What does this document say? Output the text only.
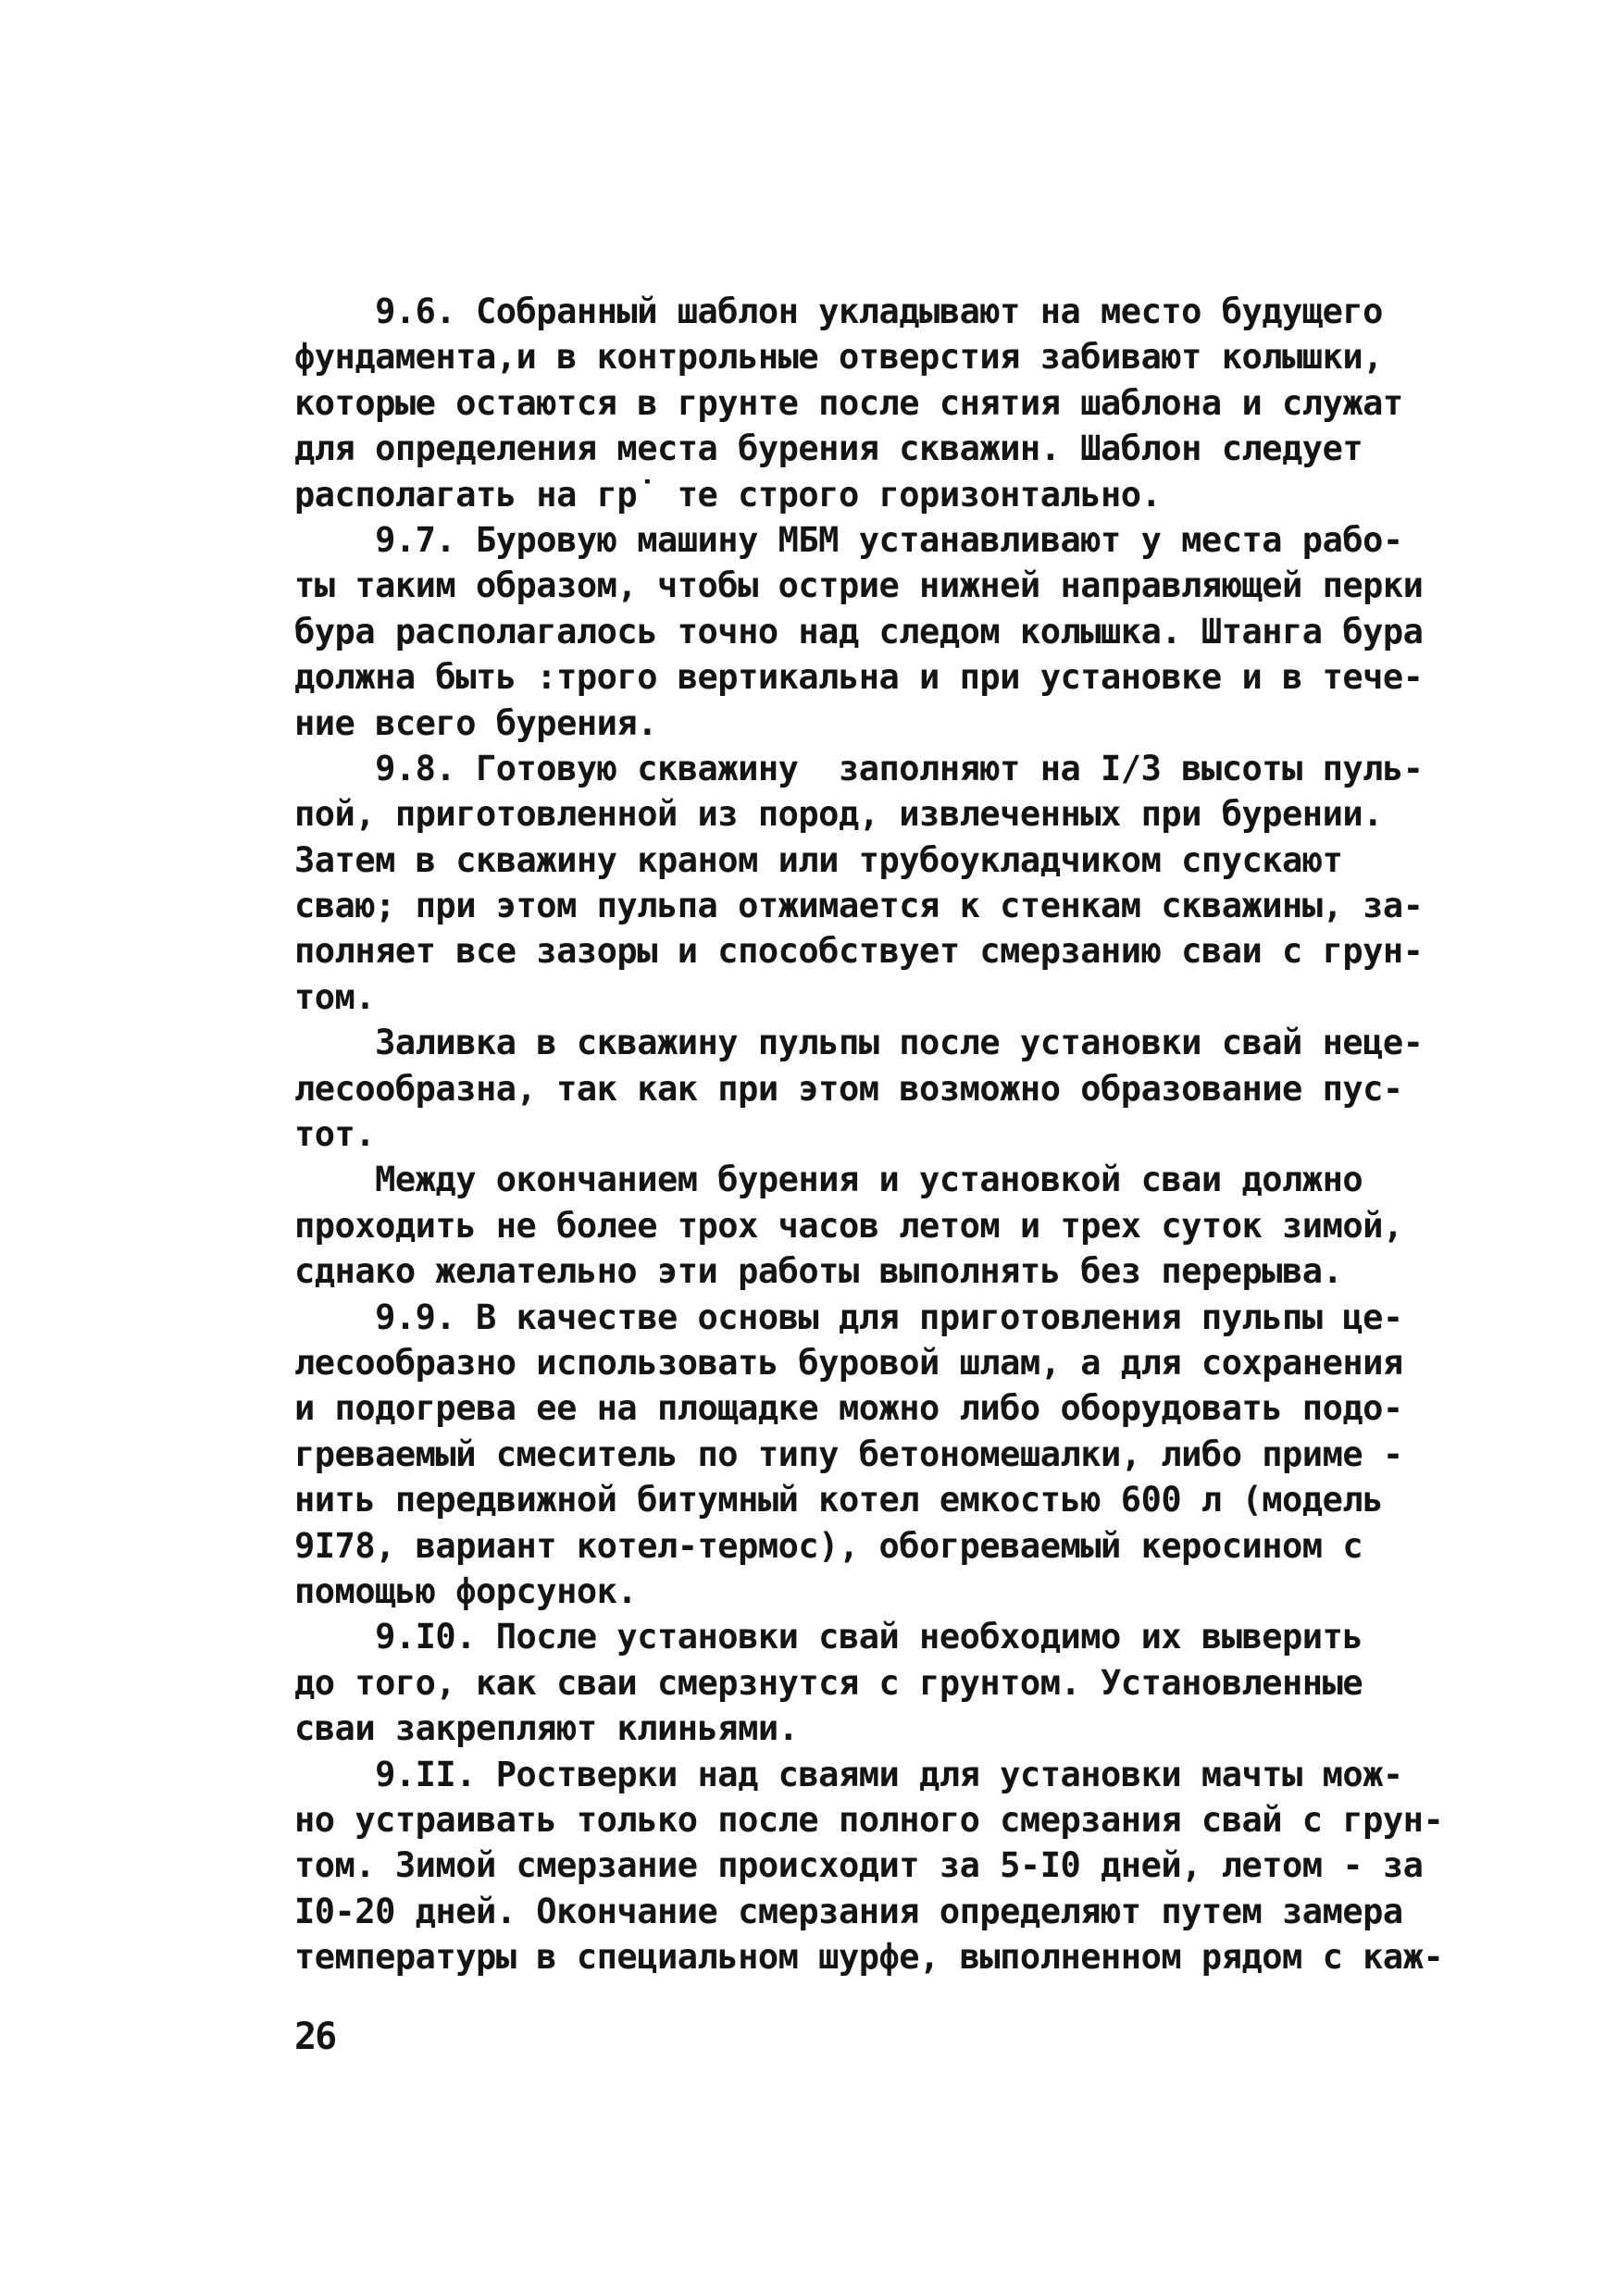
9.6. Собранный шаблон укладывают на место будущего
фундамента,и в контрольные отверстия забивают колышки,
которые остаются в грунте после снятия шаблона и служат
для определения места бурения скважин. Шаблон следует
располагать на гр˙ те строго горизонтально.
9.7. Буровую машину МБМ устанавливают у места рабо-
ты таким образом, чтобы острие нижней направляющей перки
бура располагалось точно над следом колышка. Штанга бура
должна быть :трого вертикальна и при установке и в тече-
ние всего бурения.
9.8. Готовую скважину  заполняют на I/3 высоты пуль-
пой, приготовленной из пород, извлеченных при бурении.
Затем в скважину краном или трубоукладчиком спускают
сваю; при этом пульпа отжимается к стенкам скважины, за-
полняет все зазоры и способствует смерзанию сваи с грун-
том.
Заливка в скважину пульпы после установки свай неце-
лесообразна, так как при этом возможно образование пус-
тот.
Между окончанием бурения и установкой сваи должно
проходить не более трох часов летом и трех суток зимой,
сднако желательно эти работы выполнять без перерыва.
9.9. В качестве основы для приготовления пульпы це-
лесообразно использовать буровой шлам, а для сохранения
и подогрева ее на площадке можно либо оборудовать подо-
греваемый смеситель по типу бетономешалки, либо приме -
нить передвижной битумный котел емкостью 600 л (модель
9I78, вариант котел-термос), обогреваемый керосином с
помощью форсунок.
9.I0. После установки свай необходимо их выверить
до того, как сваи смерзнутся с грунтом. Установленные
сваи закрепляют клиньями.
9.II. Ростверки над сваями для установки мачты мож-
но устраивать только после полного смерзания свай с грун-
том. Зимой смерзание происходит за 5-I0 дней, летом - за
I0-20 дней. Окончание смерзания определяют путем замера
температуры в специальном шурфе, выполненном рядом с каж-
26
